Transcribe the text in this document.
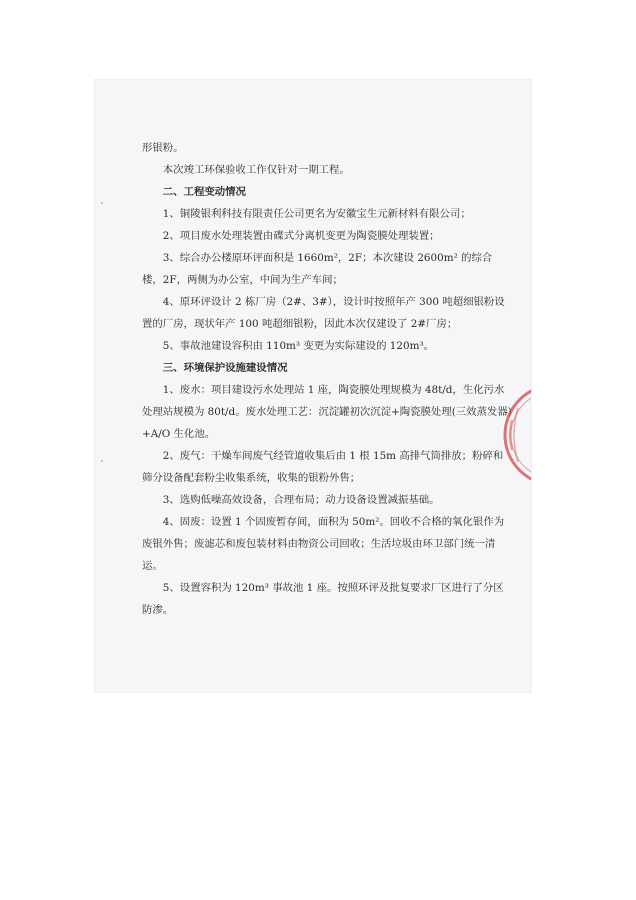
形银粉。

本次竣工环保验收工作仅针对一期工程。

二、工程变动情况

1、铜陵银利科技有限责任公司更名为安徽宝生元新材料有限公司；

2、项目废水处理装置由碟式分离机变更为陶瓷膜处理装置；

3、综合办公楼原环评面积是 1660m²，2F；本次建设 2600m² 的综合楼，2F，两侧为办公室，中间为生产车间；

4、原环评设计 2 栋厂房（2#、3#），设计时按照年产 300 吨超细银粉设置的厂房，现状年产 100 吨超细银粉，因此本次仅建设了 2#厂房；

5、事故池建设容积由 110m³ 变更为实际建设的 120m³。

三、环境保护设施建设情况

1、废水：项目建设污水处理站 1 座，陶瓷膜处理规模为 48t/d，生化污水处理站规模为 80t/d。废水处理工艺：沉淀罐初次沉淀+陶瓷膜处理(三效蒸发器)+A/O 生化池。

2、废气：干燥车间废气经管道收集后由 1 根 15m 高排气筒排放；粉碎和筛分设备配套粉尘收集系统，收集的银粉外售；

3、选购低噪高效设备，合理布局；动力设备设置减振基础。

4、固废：设置 1 个固废暂存间，面积为 50m²。回收不合格的氧化银作为废银外售；废滤芯和废包装材料由物资公司回收；生活垃圾由环卫部门统一清运。

5、设置容积为 120m³ 事故池 1 座。按照环评及批复要求厂区进行了分区防渗。
